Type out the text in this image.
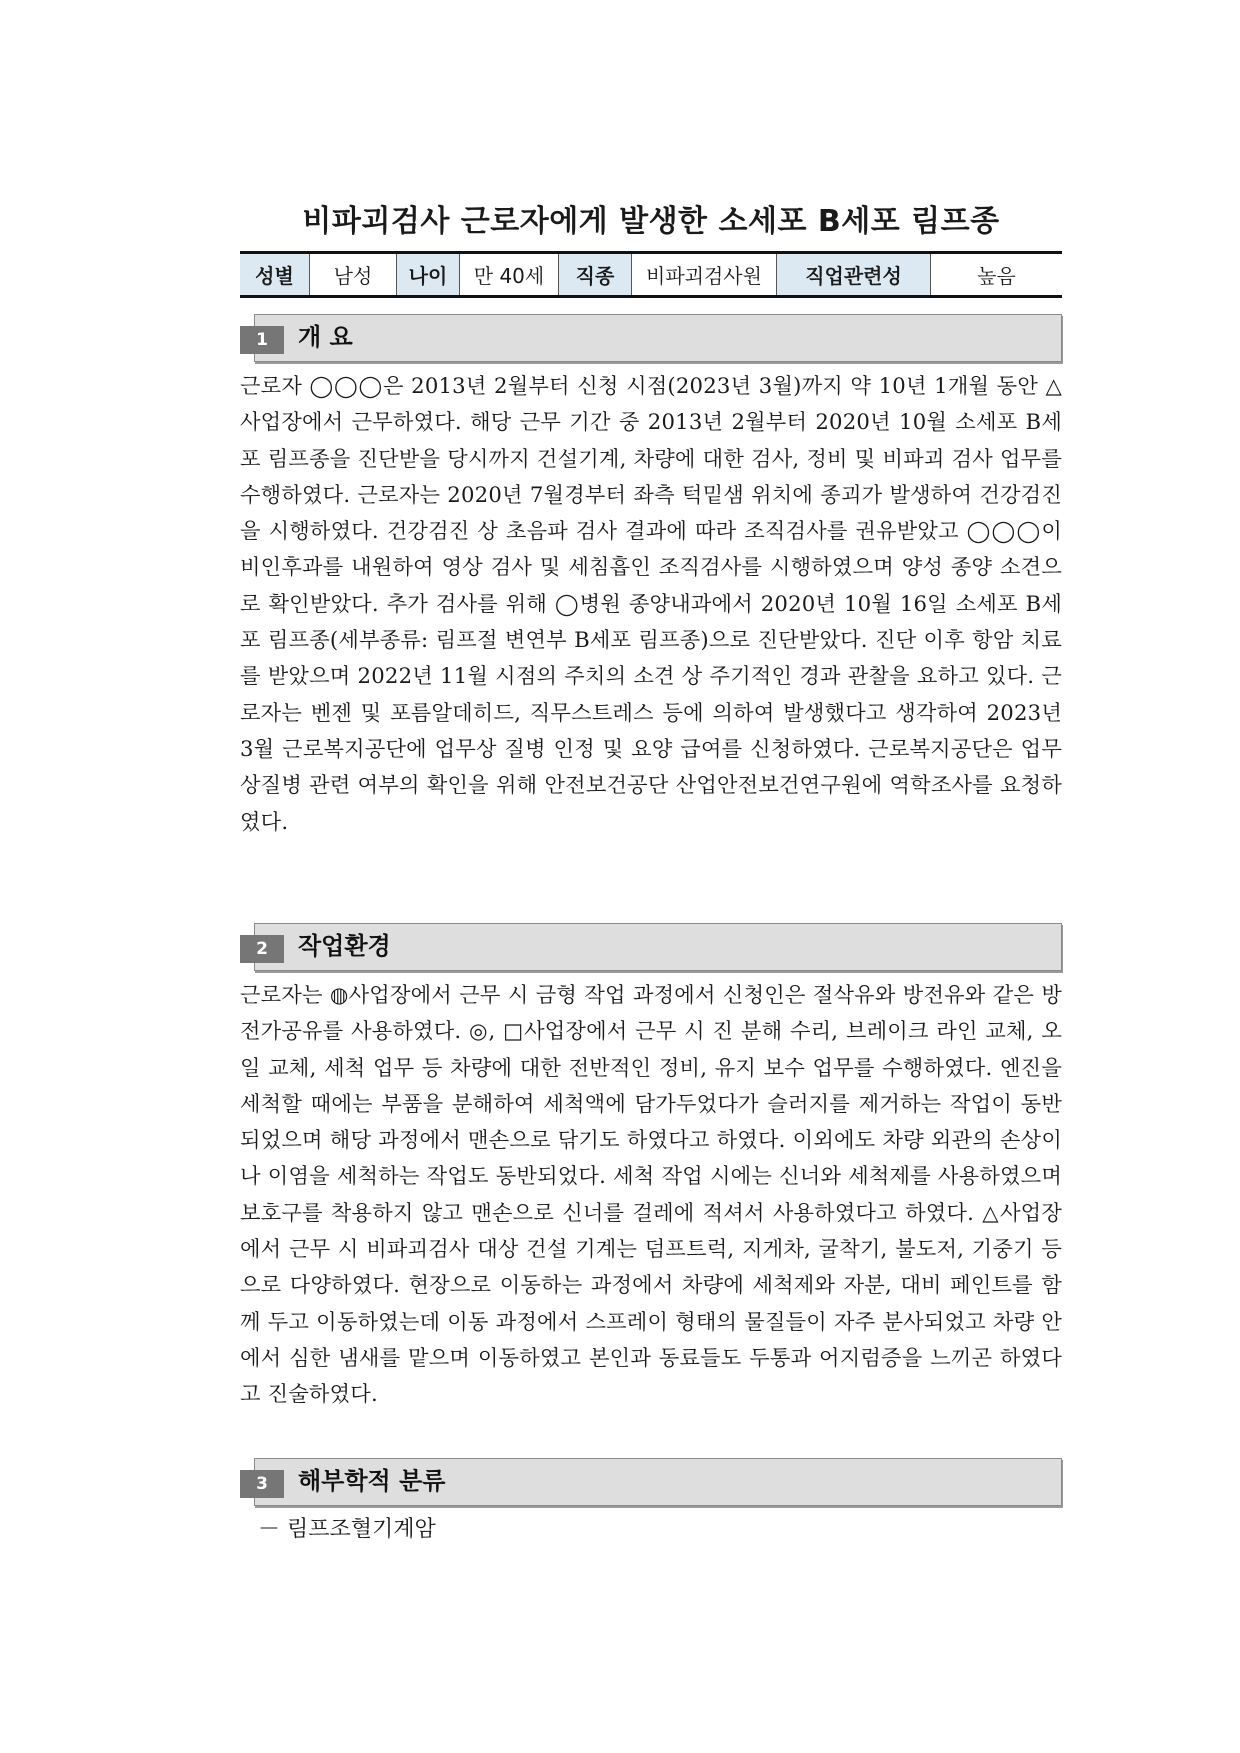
비파괴검사 근로자에게 발생한 소세포 B세포 림프종
성별	남성	나이	만 40세	직종	비파괴검사원	직업관련성	높음
1	개 요

근로자 ◯◯◯은 2013년 2월부터 신청 시점(2023년 3월)까지 약 10년 1개월 동안 △사업장에서 근무하였다. 해당 근무 기간 중 2013년 2월부터 2020년 10월 소세포 B세포 림프종을 진단받을 당시까지 건설기계, 차량에 대한 검사, 정비 및 비파괴 검사 업무를 수행하였다. 근로자는 2020년 7월경부터 좌측 턱밑샘 위치에 종괴가 발생하여 건강검진을 시행하였다. 건강검진 상 초음파 검사 결과에 따라 조직검사를 권유받았고 ◯◯◯이비인후과를 내원하여 영상 검사 및 세침흡인 조직검사를 시행하였으며 양성 종양 소견으로 확인받았다. 추가 검사를 위해 ◯병원 종양내과에서 2020년 10월 16일 소세포 B세포 림프종(세부종류: 림프절 변연부 B세포 림프종)으로 진단받았다. 진단 이후 항암 치료를 받았으며 2022년 11월 시점의 주치의 소견 상 주기적인 경과 관찰을 요하고 있다. 근로자는 벤젠 및 포름알데히드, 직무스트레스 등에 의하여 발생했다고 생각하여 2023년 3월 근로복지공단에 업무상 질병 인정 및 요양 급여를 신청하였다. 근로복지공단은 업무상질병 관련 여부의 확인을 위해 안전보건공단 산업안전보건연구원에 역학조사를 요청하였다.

2	작업환경

근로자는 ◍사업장에서 근무 시 금형 작업 과정에서 신청인은 절삭유와 방전유와 같은 방전가공유를 사용하였다. ◎, □사업장에서 근무 시 진 분해 수리, 브레이크 라인 교체, 오일 교체, 세척 업무 등 차량에 대한 전반적인 정비, 유지 보수 업무를 수행하였다. 엔진을 세척할 때에는 부품을 분해하여 세척액에 담가두었다가 슬러지를 제거하는 작업이 동반되었으며 해당 과정에서 맨손으로 닦기도 하였다고 하였다. 이외에도 차량 외관의 손상이나 이염을 세척하는 작업도 동반되었다. 세척 작업 시에는 신너와 세척제를 사용하였으며 보호구를 착용하지 않고 맨손으로 신너를 걸레에 적셔서 사용하였다고 하였다. △사업장에서 근무 시 비파괴검사 대상 건설 기계는 덤프트럭, 지게차, 굴착기, 불도저, 기중기 등으로 다양하였다. 현장으로 이동하는 과정에서 차량에 세척제와 자분, 대비 페인트를 함께 두고 이동하였는데 이동 과정에서 스프레이 형태의 물질들이 자주 분사되었고 차량 안에서 심한 냄새를 맡으며 이동하였고 본인과 동료들도 두통과 어지럼증을 느끼곤 하였다고 진술하였다.

3	해부학적 분류
－ 림프조혈기계암
